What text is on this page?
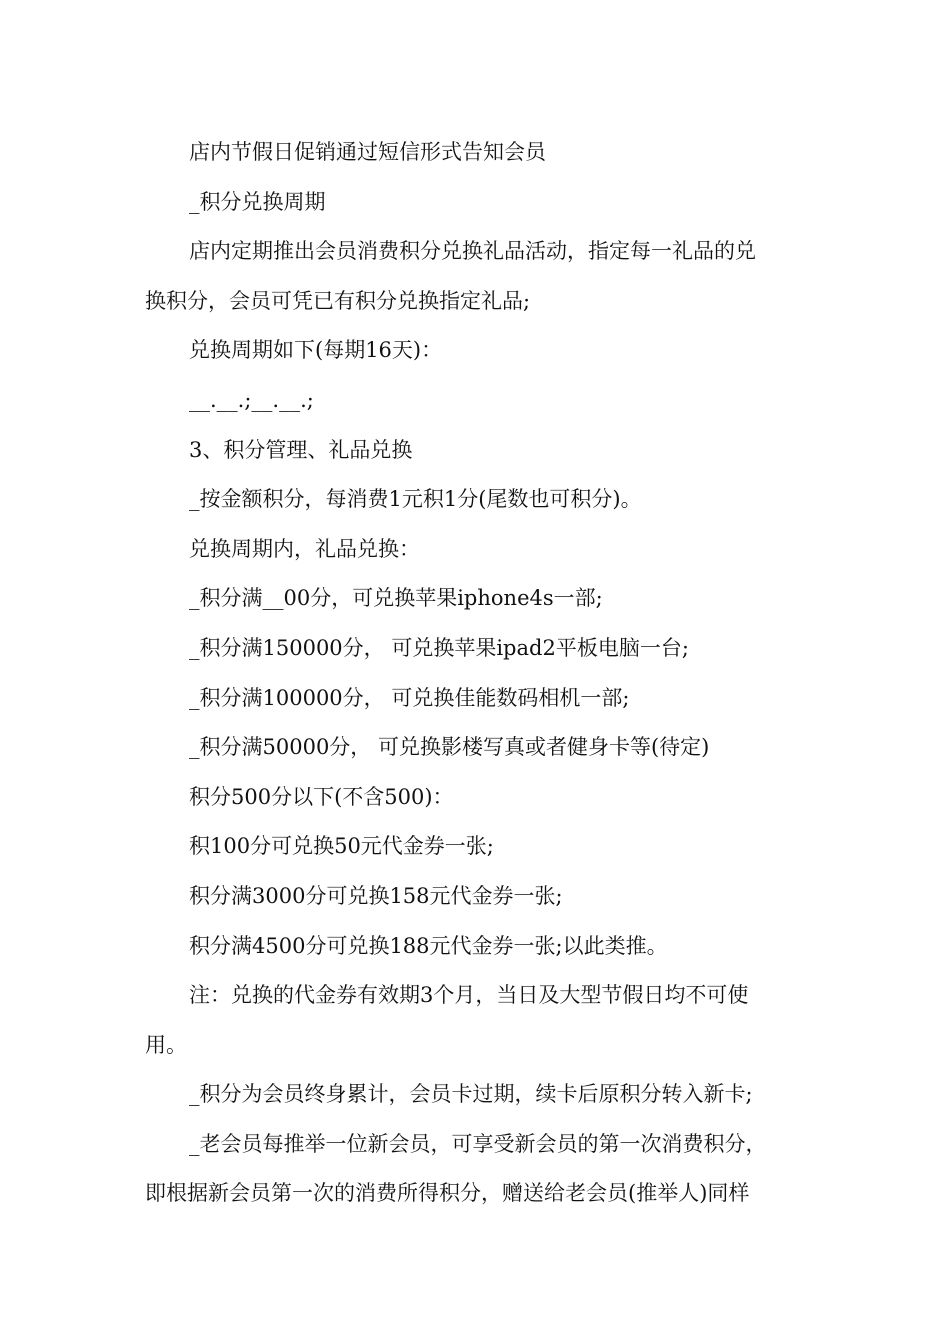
店内节假日促销通过短信形式告知会员
_积分兑换周期
店内定期推出会员消费积分兑换礼品活动，指定每一礼品的兑
换积分，会员可凭已有积分兑换指定礼品;
兑换周期如下(每期16天)：
__.__.;__.__.;
3、积分管理、礼品兑换
_按金额积分，每消费1元积1分(尾数也可积分)。
兑换周期内，礼品兑换：
_积分满__00分，可兑换苹果iphone4s一部;
_积分满150000分， 可兑换苹果ipad2平板电脑一台;
_积分满100000分， 可兑换佳能数码相机一部;
_积分满50000分， 可兑换影楼写真或者健身卡等(待定)
积分500分以下(不含500)：
积100分可兑换50元代金券一张;
积分满3000分可兑换158元代金券一张;
积分满4500分可兑换188元代金券一张;以此类推。
注：兑换的代金券有效期3个月，当日及大型节假日均不可使
用。
_积分为会员终身累计，会员卡过期，续卡后原积分转入新卡;
_老会员每推举一位新会员，可享受新会员的第一次消费积分，
即根据新会员第一次的消费所得积分，赠送给老会员(推举人)同样
